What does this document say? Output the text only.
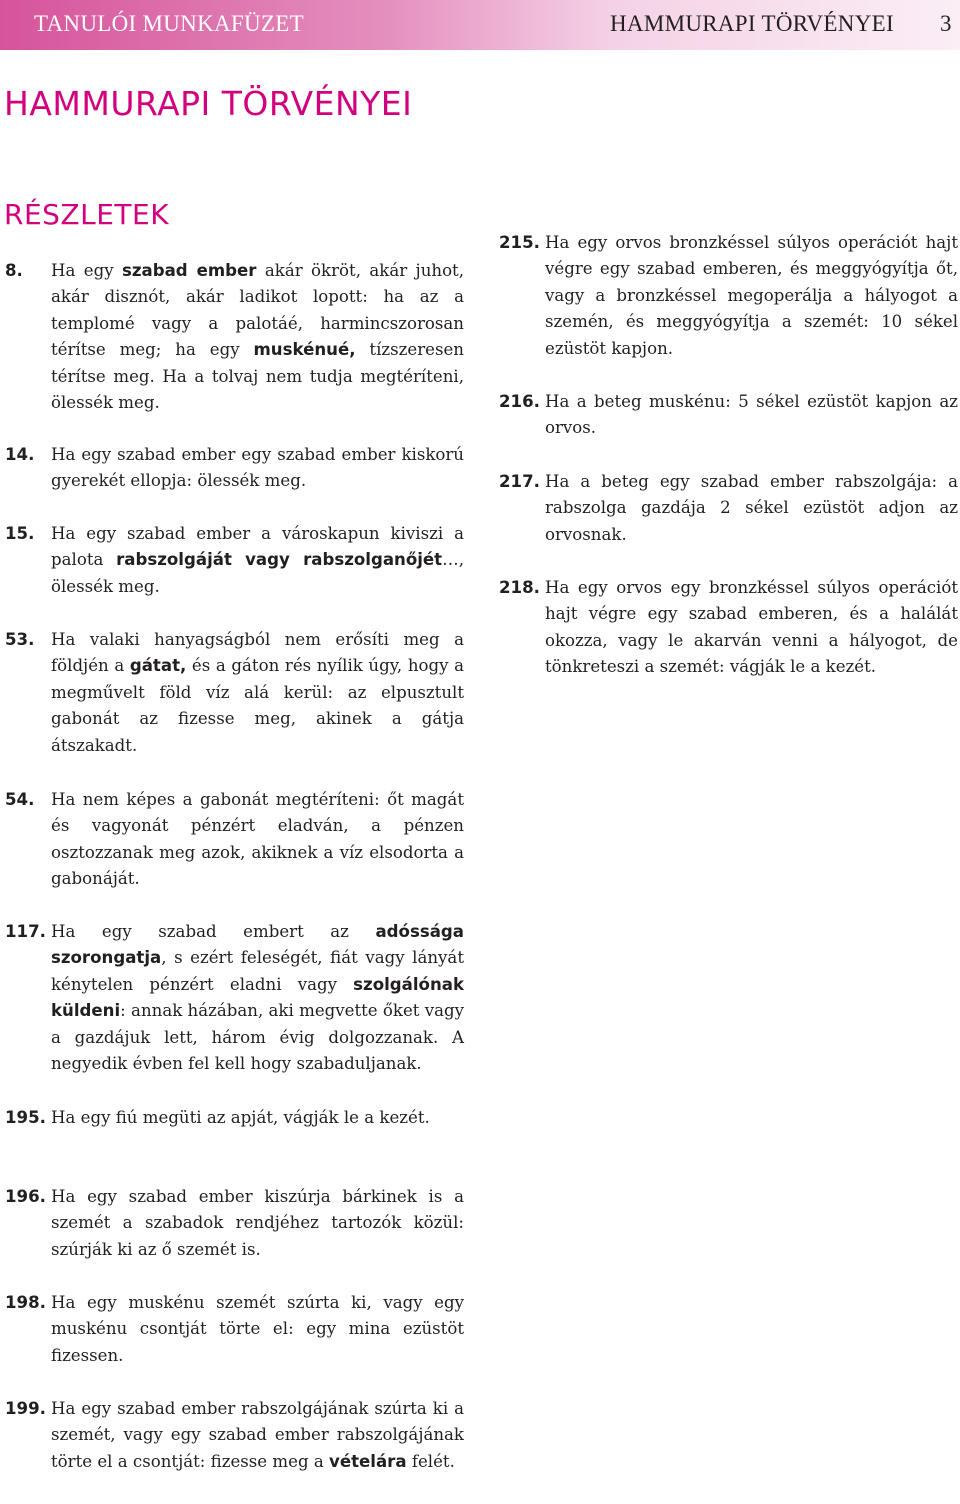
TANULÓI MUNKAFÜZET	HAMMURAPI TÖRVÉNYEI 3
HAMMURAPI TÖRVÉNYEI
RÉSZLETEK

8. Ha egy szabad ember akár ökröt, akár juhot, akár disznót, akár ladikot lopott: ha az a templomé vagy a palotáé, harmincszorosan térítse meg; ha egy muskénué, tízszeresen térítse meg. Ha a tolvaj nem tudja megtéríteni, ölessék meg.

14. Ha egy szabad ember egy szabad ember kiskorú gyerekét ellopja: ölessék meg.

15. Ha egy szabad ember a városkapun kiviszi a palota rabszolgáját vagy rabszolganőjét…, ölessék meg.

53. Ha valaki hanyagságból nem erősíti meg a földjén a gátat, és a gáton rés nyílik úgy, hogy a megművelt föld víz alá kerül: az elpusztult gabonát az fizesse meg, akinek a gátja átszakadt.

54. Ha nem képes a gabonát megtéríteni: őt magát és vagyonát pénzért eladván, a pénzen osztozzanak meg azok, akiknek a víz elsodorta a gabonáját.

117. Ha egy szabad embert az adóssága szorongatja, s ezért feleségét, fiát vagy lányát kénytelen pénzért eladni vagy szolgálónak küldeni: annak házában, aki megvette őket vagy a gazdájuk lett, három évig dolgozzanak. A negyedik évben fel kell hogy szabaduljanak.

195. Ha egy fiú megüti az apját, vágják le a kezét.

196. Ha egy szabad ember kiszúrja bárkinek is a szemét a szabadok rendjéhez tartozók közül: szúrják ki az ő szemét is.

198. Ha egy muskénu szemét szúrta ki, vagy egy muskénu csontját törte el: egy mina ezüstöt fizessen.

199. Ha egy szabad ember rabszolgájának szúrta ki a szemét, vagy egy szabad ember rabszolgájának törte el a csontját: fizesse meg a vételára felét.

215. Ha egy orvos bronzkéssel súlyos operációt hajt végre egy szabad emberen, és meggyógyítja őt, vagy a bronzkéssel megoperálja a hályogot a szemén, és meggyógyítja a szemét: 10 sékel ezüstöt kapjon.

216. Ha a beteg muskénu: 5 sékel ezüstöt kapjon az orvos.

217. Ha a beteg egy szabad ember rabszolgája: a rabszolga gazdája 2 sékel ezüstöt adjon az orvosnak.

218. Ha egy orvos egy bronzkéssel súlyos operációt hajt végre egy szabad emberen, és a halálát okozza, vagy le akarván venni a hályogot, de tönkreteszi a szemét: vágják le a kezét.
